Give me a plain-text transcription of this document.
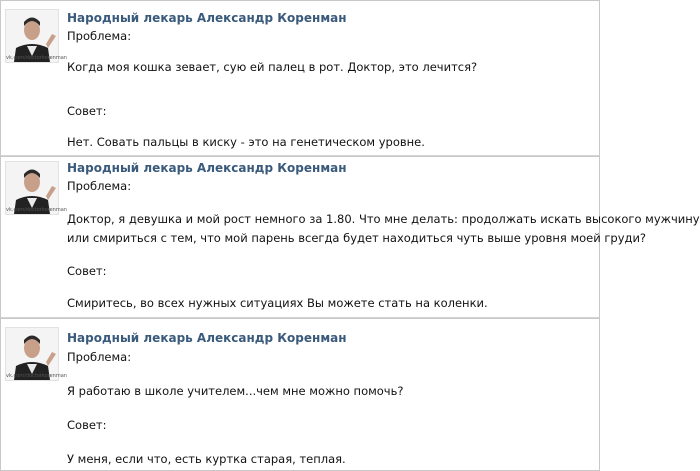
vk.com/doctorkorenman
Народный лекарь Александр Коренман
Проблема:
Когда моя кошка зевает, сую ей палец в рот. Доктор, это лечится?
Совет:
Нет. Совать пальцы в киску - это на генетическом уровне.
vk.com/doctorkorenman
Народный лекарь Александр Коренман
Проблема:
Доктор, я девушка и мой рост немного за 1.80. Что мне делать: продолжать искать высокого мужчину
или смириться с тем, что мой парень всегда будет находиться чуть выше уровня моей груди?
Совет:
Смиритесь, во всех нужных ситуациях Вы можете стать на коленки.
vk.com/doctorkorenman
Народный лекарь Александр Коренман
Проблема:
Я работаю в школе учителем...чем мне можно помочь?
Совет:
У меня, если что, есть куртка старая, теплая.
